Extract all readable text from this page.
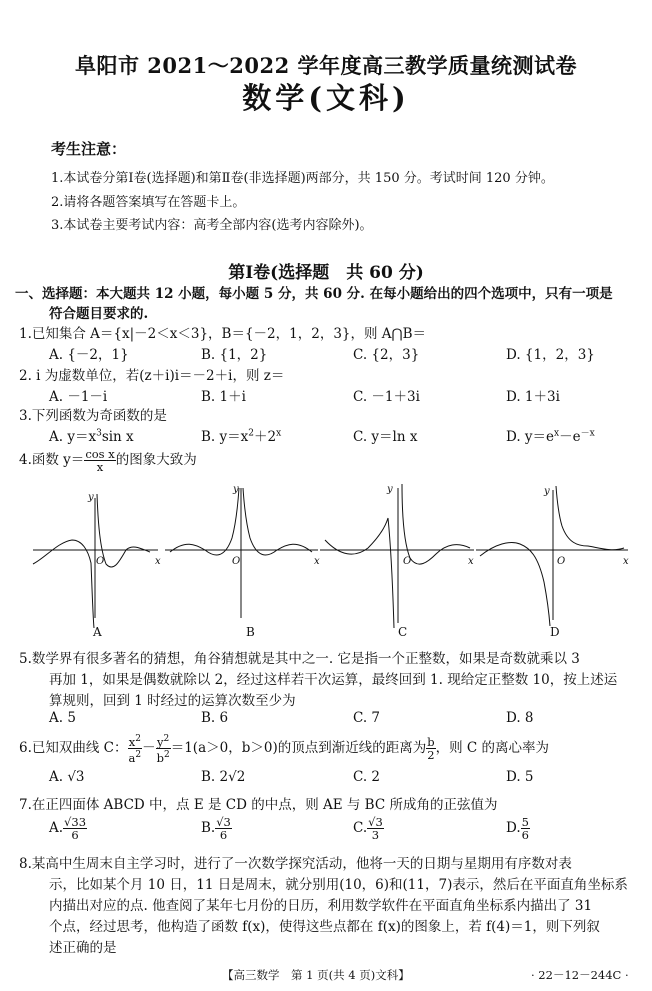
阜阳市 2021～2022 学年度高三教学质量统测试卷
数学(文科)
考生注意：
1.本试卷分第Ⅰ卷(选择题)和第Ⅱ卷(非选择题)两部分，共 150 分。考试时间 120 分钟。
2.请将各题答案填写在答题卡上。
3.本试卷主要考试内容：高考全部内容(选考内容除外)。
第Ⅰ卷(选择题　共 60 分)
一、选择题：本大题共 12 小题，每小题 5 分，共 60 分. 在每小题给出的四个选项中，只有一项是
符合题目要求的.
1.已知集合 A＝{x|－2＜x＜3}，B＝{－2，1，2，3}，则 A⋂B＝
A. {－2，1}	B. {1，2}	C. {2，3}	D. {1，2，3}
2. i 为虚数单位，若(z＋i)i＝－2＋i，则 z＝
A. －1－i	B. 1＋i	C. －1＋3i	D. 1＋3i
3.下列函数为奇函数的是
A. $y=x^3\sin$ x	B. $y=x^2+2^x$	C. y＝ln x	D. $y=e^x-e^{-x}$
4.函数 $y= \frac{\text{cos x}}{x}$ 的图象大致为
y
x
O
y
x
O
y
x
O
y
x
O
A	B	C	D
5.数学界有很多著名的猜想，角谷猜想就是其中之一. 它是指一个正整数，如果是奇数就乘以 3
再加 1，如果是偶数就除以 2，经过这样若干次运算，最终回到 1. 现给定正整数 10，按上述运
算规则，回到 1 时经过的运算次数至少为
A. 5	B. 6	C. 7	D. 8
6.已知双曲线 C： $\frac{x^2}{a^2} - \frac{y^2}{b^2} =1(a>0$，b＞0)的顶点到渐近线的距离为 $\frac{b}{2}$ ，则 C 的离心率为
A. √3	B. 2√2	C. 2	D. 5
7.在正四面体 ABCD 中，点 E 是 CD 的中点，则 AE 与 BC 所成角的正弦值为
A. $\frac{√33}{6}$	B. $\frac{√3}{6}$	C. $\frac{√3}{3}$	D. $\frac{5}{6}$
8.某高中生周末自主学习时，进行了一次数学探究活动，他将一天的日期与星期用有序数对表
示，比如某个月 10 日，11 日是周末，就分别用(10，6)和(11，7)表示，然后在平面直角坐标系
内描出对应的点. 他查阅了某年七月份的日历，利用数学软件在平面直角坐标系内描出了 31
个点，经过思考，他构造了函数 f(x)，使得这些点都在 f(x)的图象上，若 f(4)＝1，则下列叙
述正确的是
【高三数学　第 1 页(共 4 页)文科】	· 22－12－244C ·
